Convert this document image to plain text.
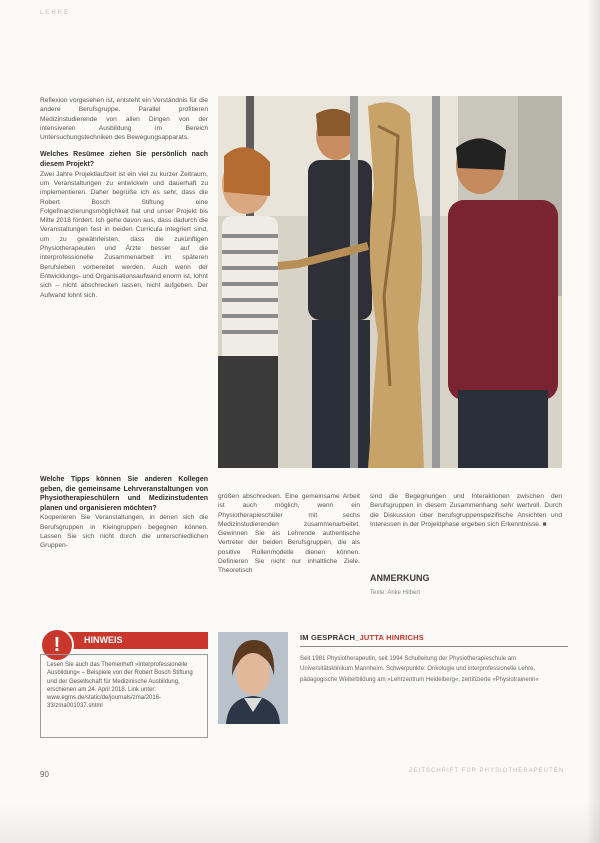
LEHRE

Reflexion vorgesehen ist, entsteht ein Verständnis für die andere Berufsgruppe. Parallel profitieren Medizinstudierende von allen Dingen von der intensiveren Ausbildung im Bereich Untersuchungstechniken des Bewegungsapparats.

Welches Resümee ziehen Sie persönlich nach diesem Projekt?

Zwei Jahre Projektlaufzeit ist ein viel zu kurzer Zeitraum, um Veranstaltungen zu entwickeln und dauerhaft zu implementieren. Daher begrüße ich es sehr, dass die Robert Bosch Stiftung eine Folgefinanzierungsmöglichkeit hat und unser Projekt bis Mitte 2018 fördert. Ich gehe davon aus, dass dadurch die Veranstaltungen fest in beiden Curricula integriert sind, um zu gewährleisten, dass die zukünftigen Physiotherapeuten und Ärzte besser auf die interprofessionelle Zusammenarbeit im späteren Berufsleben vorbereitet werden. Auch wenn der Entwicklungs- und Organisationsaufwand enorm ist, lohnt sich – nicht abschrecken lassen, nicht aufgeben. Der Aufwand lohnt sich.

Welche Tipps können Sie anderen Kollegen geben, die gemeinsame Lehrveranstaltungen von Physiotherapieschülern und Medizinstudenten planen und organisieren möchten?

Kooperieren Sie Veranstaltungen, in denen sich die Berufsgruppen in Kleingruppen begegnen können. Lassen Sie sich nicht durch die unterschiedlichen Gruppen-

größen abschrecken. Eine gemeinsame Arbeit ist auch möglich, wenn ein Physiotherapieschüler mit sechs Medizinstudierenden zusammenarbeitet. Gewinnen Sie als Lehrende authentische Vertreter der beiden Berufsgruppen, die als positive Rollenmodelle dienen können. Definieren Sie nicht nur inhaltliche Ziele. Theoretisch

sind die Begegnungen und Interaktionen zwischen den Berufsgruppen in diesem Zusammenhang sehr wertvoll. Durch die Diskussion über berufsgruppenspezifische Ansichten und Interessen in der Projektphase ergeben sich Erkenntnisse. ■

ANMERKUNG
Texte: Anke Hilbert
HINWEIS
!
Lesen Sie auch das Themenheft »Interprofessionelle Ausbildung« – Beispiele von der Robert Bosch Stiftung und der Gesellschaft für Medizinische Ausbildung, erschienen am 24. April 2018. Link unter: www.egms.de/static/de/journals/zma/2016-33/zma001037.shtml
IM GESPRÄCH_JUTTA HINRICHS
Seit 1981 Physiotherapeutin, seit 1994 Schulleitung der Physiotherapieschule am Universitätsklinikum Mannheim. Schwerpunkte: Onkologie und interprofessionelle Lehre, pädagogische Weiterbildung am »Lehrzentrum Heidelberg«, zertifizierte »Physiotrainerin«
90	ZEITSCHRIFT FÜR PHYSIOTHERAPEUTEN
